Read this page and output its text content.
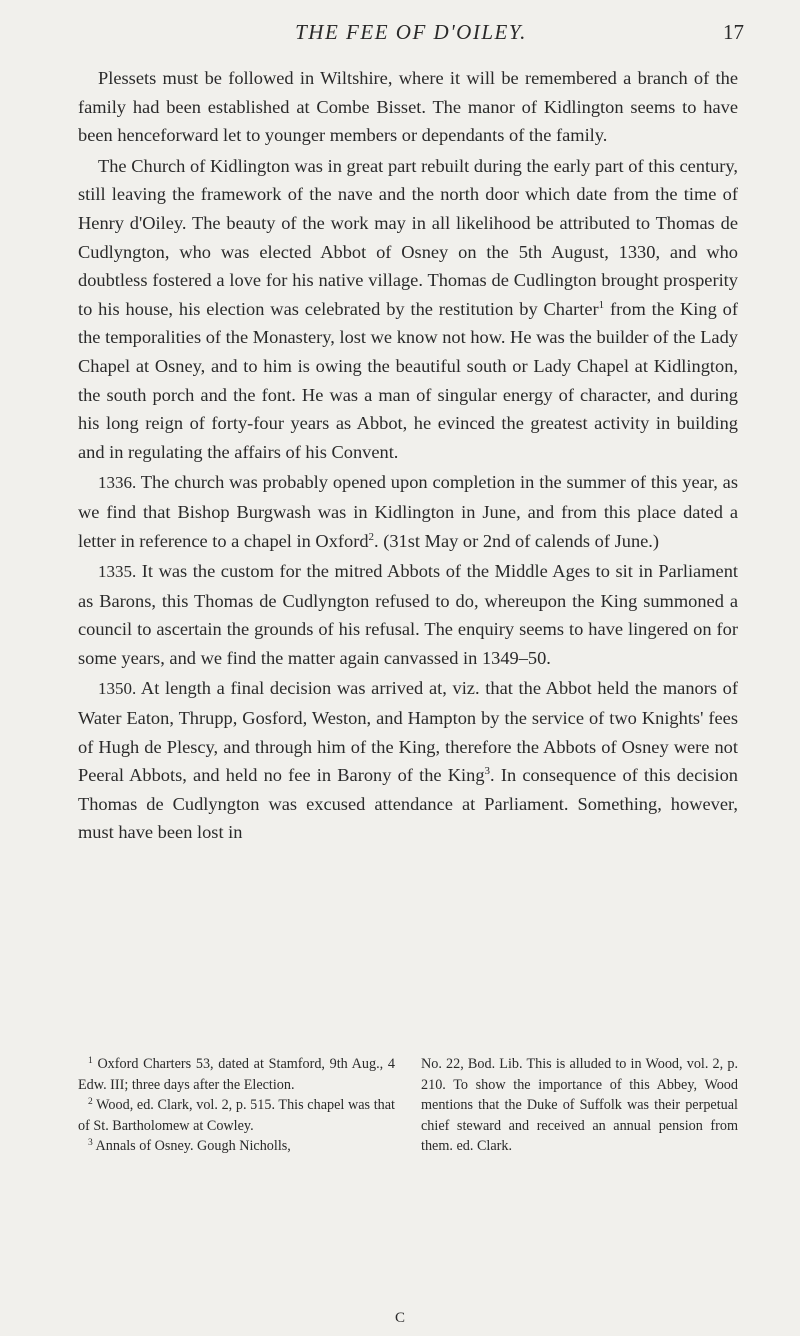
THE FEE OF D'OILEY.	17

Plessets must be followed in Wiltshire, where it will be remembered a branch of the family had been established at Combe Bisset. The manor of Kidlington seems to have been henceforward let to younger members or dependants of the family.

The Church of Kidlington was in great part rebuilt during the early part of this century, still leaving the framework of the nave and the north door which date from the time of Henry d'Oiley. The beauty of the work may in all likelihood be attributed to Thomas de Cudlyngton, who was elected Abbot of Osney on the 5th August, 1330, and who doubtless fostered a love for his native village. Thomas de Cudlington brought prosperity to his house, his election was celebrated by the restitution by Charter$^1$ from the King of the temporalities of the Monastery, lost we know not how. He was the builder of the Lady Chapel at Osney, and to him is owing the beautiful south or Lady Chapel at Kidlington, the south porch and the font. He was a man of singular energy of character, and during his long reign of forty-four years as Abbot, he evinced the greatest activity in building and in regulating the affairs of his Convent.

1336. The church was probably opened upon completion in the summer of this year, as we find that Bishop Burgwash was in Kidlington in June, and from this place dated a letter in reference to a chapel in Oxford$^2$. (31st May or 2nd of calends of June.)

1335. It was the custom for the mitred Abbots of the Middle Ages to sit in Parliament as Barons, this Thomas de Cudlyngton refused to do, whereupon the King summoned a council to ascertain the grounds of his refusal. The enquiry seems to have lingered on for some years, and we find the matter again canvassed in 1349–50.

1350. At length a final decision was arrived at, viz. that the Abbot held the manors of Water Eaton, Thrupp, Gosford, Weston, and Hampton by the service of two Knights' fees of Hugh de Plescy, and through him of the King, therefore the Abbots of Osney were not Peeral Abbots, and held no fee in Barony of the King$^3$. In consequence of this decision Thomas de Cudlyngton was excused attendance at Parliament. Something, however, must have been lost in

$^1$ Oxford Charters 53, dated at Stamford, 9th Aug., 4 Edw. III; three days after the Election.

$^2$ Wood, ed. Clark, vol. 2, p. 515. This chapel was that of St. Bartholomew at Cowley.

$^3$ Annals of Osney. Gough Nicholls,

No. 22, Bod. Lib. This is alluded to in Wood, vol. 2, p. 210. To show the importance of this Abbey, Wood mentions that the Duke of Suffolk was their perpetual chief steward and received an annual pension from them. ed. Clark.

C
